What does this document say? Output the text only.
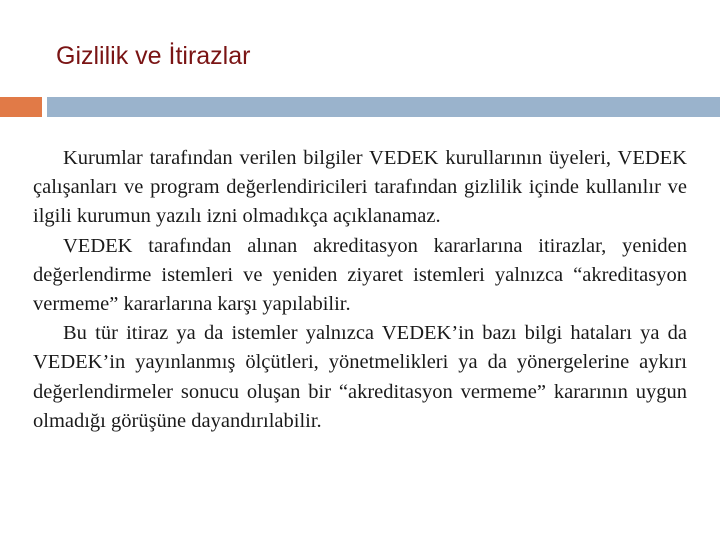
Gizlilik ve İtirazlar

Kurumlar tarafından verilen bilgiler VEDEK kurullarının üyeleri, VEDEK çalışanları ve program değerlendiricileri tarafından gizlilik içinde kullanılır ve ilgili kurumun yazılı izni olmadıkça açıklanamaz.

VEDEK tarafından alınan akreditasyon kararlarına itirazlar, yeniden değerlendirme istemleri ve yeniden ziyaret istemleri yalnızca “akreditasyon vermeme” kararlarına karşı yapılabilir.

Bu tür itiraz ya da istemler yalnızca VEDEK’in bazı bilgi hataları ya da VEDEK’in yayınlanmış ölçütleri, yönetmelikleri ya da yönergelerine aykırı değerlendirmeler sonucu oluşan bir “akreditasyon vermeme” kararının uygun olmadığı görüşüne dayandırılabilir.
